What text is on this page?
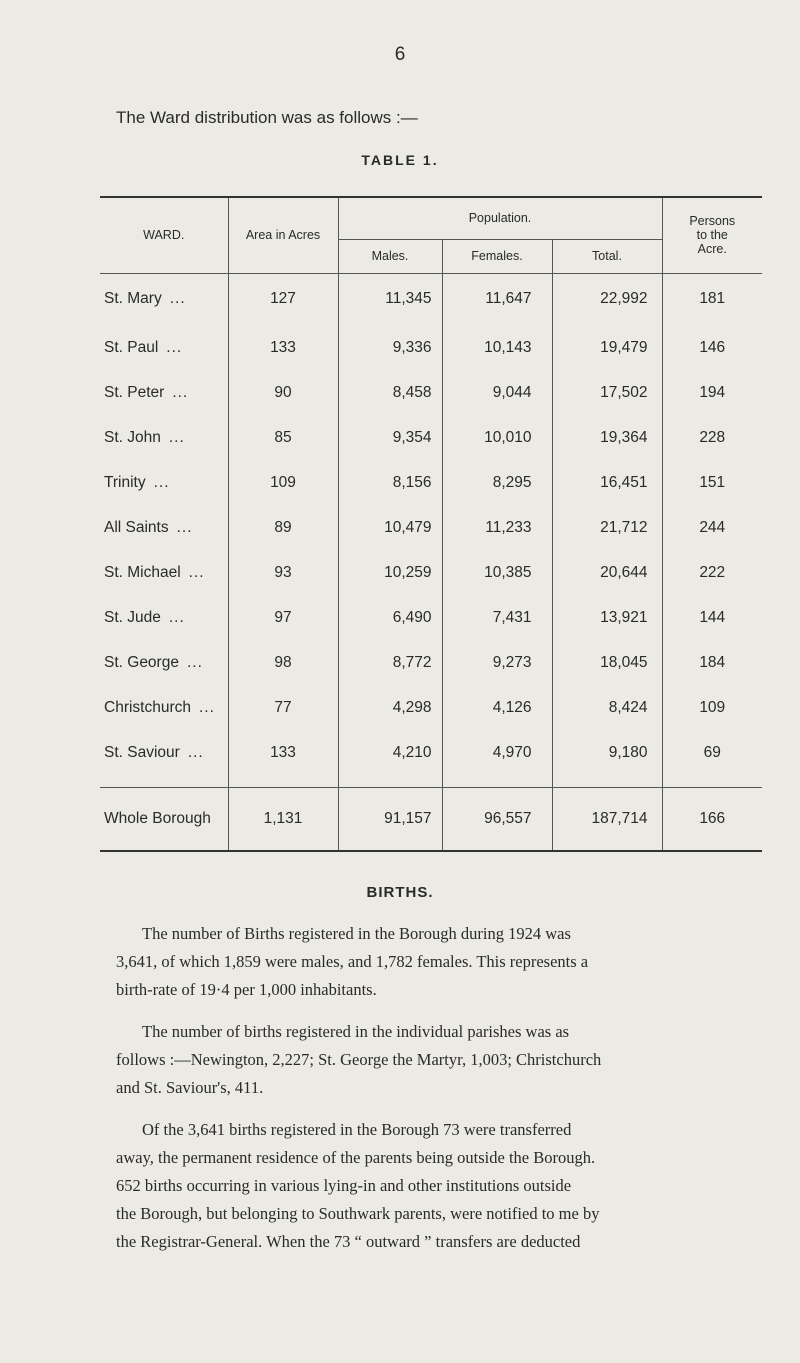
6
The Ward distribution was as follows :—
TABLE 1.
WARD.	Area in Acres	Population.			Persons
to the
Acre.
		Males.	Females.	Total.	
St. Mary ...	127	11,345	11,647	22,992	181
St. Paul ...	133	9,336	10,143	19,479	146
St. Peter ...	90	8,458	9,044	17,502	194
St. John ...	85	9,354	10,010	19,364	228
Trinity ...	109	8,156	8,295	16,451	151
All Saints ...	89	10,479	11,233	21,712	244
St. Michael ...	93	10,259	10,385	20,644	222
St. Jude ...	97	6,490	7,431	13,921	144
St. George ...	98	8,772	9,273	18,045	184
Christchurch ...	77	4,298	4,126	8,424	109
St. Saviour ...	133	4,210	4,970	9,180	69

Whole Borough	1,131	91,157	96,557	187,714	166
BIRTHS.
The number of Births registered in the Borough during 1924 was
3,641, of which 1,859 were males, and 1,782 females. This represents a
birth-rate of 19·4 per 1,000 inhabitants.
The number of births registered in the individual parishes was as
follows :—Newington, 2,227; St. George the Martyr, 1,003; Christchurch
and St. Saviour's, 411.
Of the 3,641 births registered in the Borough 73 were transferred
away, the permanent residence of the parents being outside the Borough.
652 births occurring in various lying-in and other institutions outside
the Borough, but belonging to Southwark parents, were notified to me by
the Registrar-General. When the 73 “ outward ” transfers are deducted
